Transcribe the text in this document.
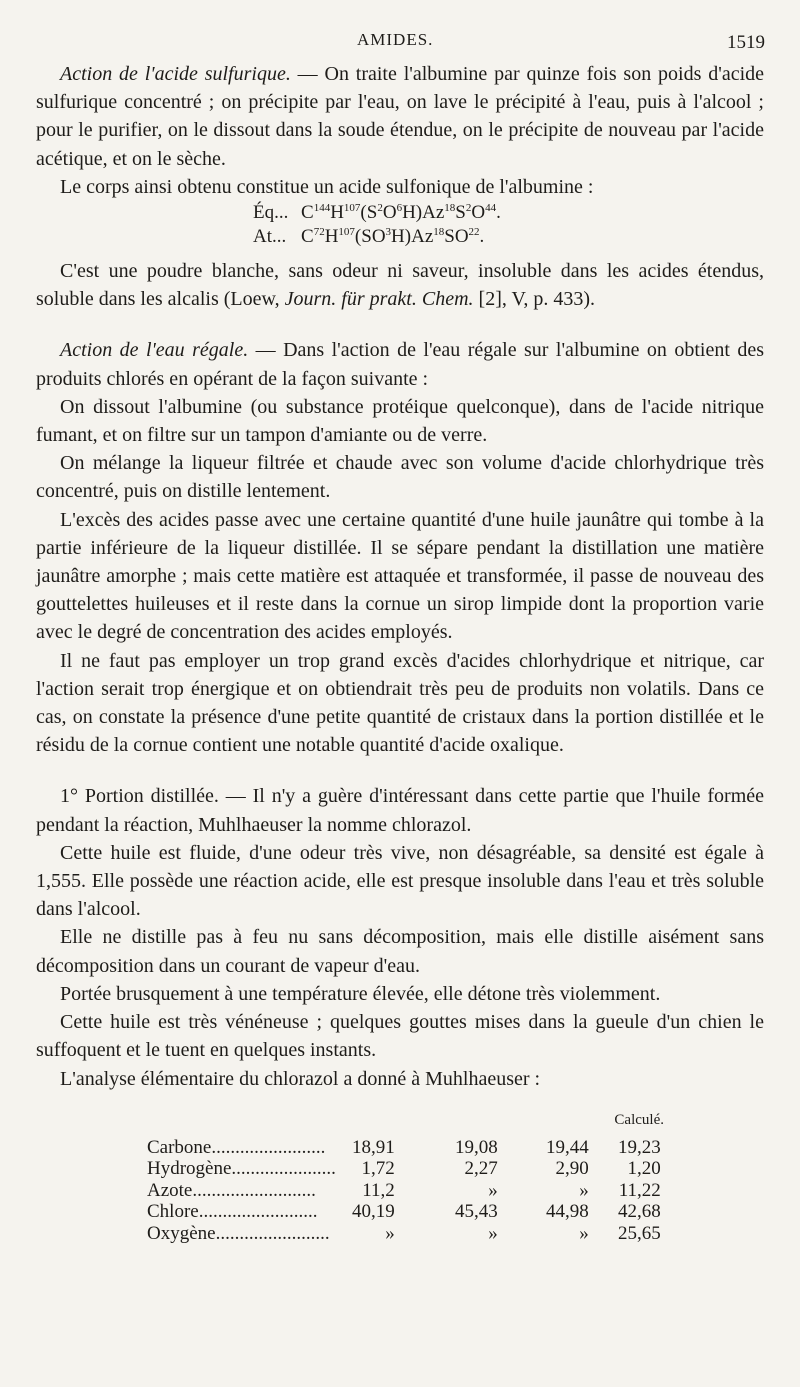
AMIDES.	1519

Action de l'acide sulfurique. — On traite l'albumine par quinze fois son poids d'acide sulfurique concentré ; on précipite par l'eau, on lave le précipité à l'eau, puis à l'alcool ; pour le purifier, on le dissout dans la soude étendue, on le précipite de nouveau par l'acide acétique, et on le sèche.

Le corps ainsi obtenu constitue un acide sulfonique de l'albumine :

Éq... $C^{144}H^{107}(S^2O^6H)Az^{18}S^2O^{44}$.

At... $C^{72}H^{107}(SO^3H)Az^{18}SO^{22}$.

C'est une poudre blanche, sans odeur ni saveur, insoluble dans les acides étendus, soluble dans les alcalis (Loew, Journ. für prakt. Chem. [2], V, p. 433).

Action de l'eau régale. — Dans l'action de l'eau régale sur l'albumine on obtient des produits chlorés en opérant de la façon suivante :

On dissout l'albumine (ou substance protéique quelconque), dans de l'acide nitrique fumant, et on filtre sur un tampon d'amiante ou de verre.

On mélange la liqueur filtrée et chaude avec son volume d'acide chlorhydrique très concentré, puis on distille lentement.

L'excès des acides passe avec une certaine quantité d'une huile jaunâtre qui tombe à la partie inférieure de la liqueur distillée. Il se sépare pendant la distillation une matière jaunâtre amorphe ; mais cette matière est attaquée et transformée, il passe de nouveau des gouttelettes huileuses et il reste dans la cornue un sirop limpide dont la proportion varie avec le degré de concentration des acides employés.

Il ne faut pas employer un trop grand excès d'acides chlorhydrique et nitrique, car l'action serait trop énergique et on obtiendrait très peu de produits non volatils. Dans ce cas, on constate la présence d'une petite quantité de cristaux dans la portion distillée et le résidu de la cornue contient une notable quantité d'acide oxalique.

1° Portion distillée. — Il n'y a guère d'intéressant dans cette partie que l'huile formée pendant la réaction, Muhlhaeuser la nomme chlorazol.

Cette huile est fluide, d'une odeur très vive, non désagréable, sa densité est égale à 1,555. Elle possède une réaction acide, elle est presque insoluble dans l'eau et très soluble dans l'alcool.

Elle ne distille pas à feu nu sans décomposition, mais elle distille aisément sans décomposition dans un courant de vapeur d'eau.

Portée brusquement à une température élevée, elle détone très violemment.

Cette huile est très vénéneuse ; quelques gouttes mises dans la gueule d'un chien le suffoquent et le tuent en quelques instants.

L'analyse élémentaire du chlorazol a donné à Muhlhaeuser :

Calculé.
Carbone........................	18,91	19,08	19,44	19,23
Hydrogène......................	1,72	2,27	2,90	1,20
Azote..........................	11,2	»	»	11,22
Chlore.........................	40,19	45,43	44,98	42,68
Oxygène........................	»	»	»	25,65
